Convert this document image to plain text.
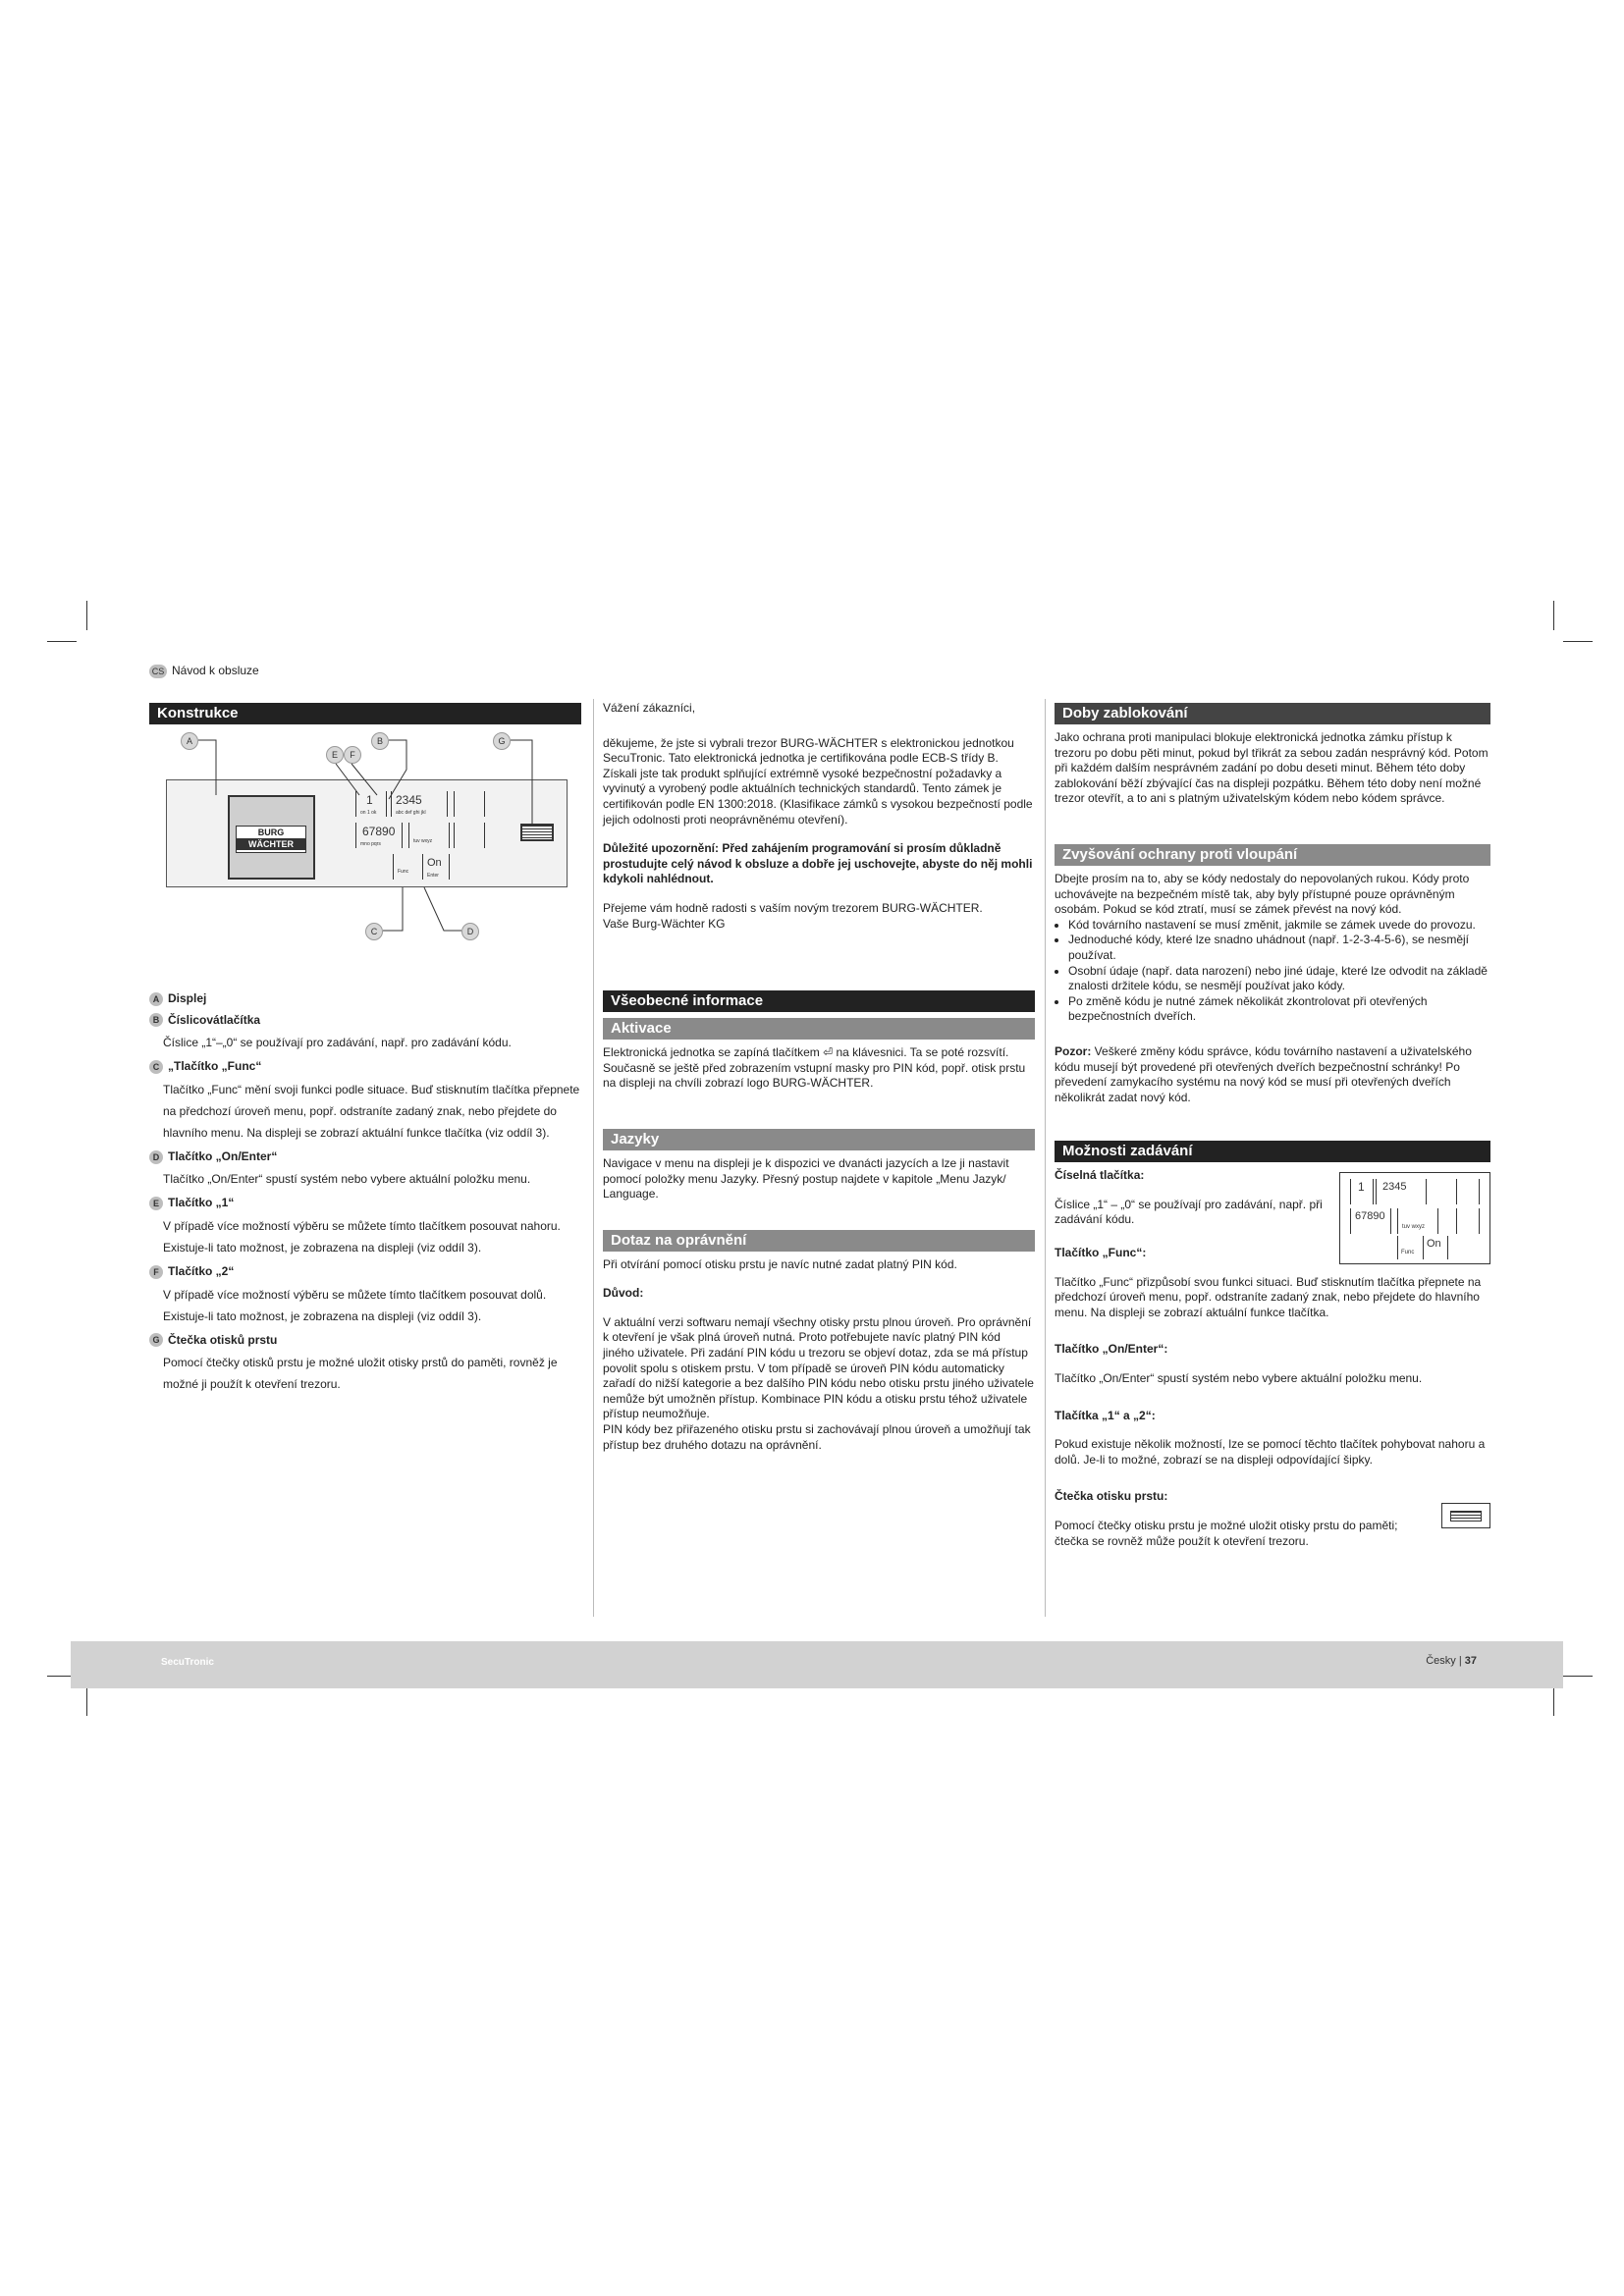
CS Návod k obsluze
Konstrukce
BURG
WÄCHTER
1
on 1 ok
2345
abc def ghi jkl
67890
mno pqrs	tuv wxyz
Func
On
Enter
A	B
E	F
G
C	D
A Displej
B Číslicovátlačítka
Číslice „1“–„0“ se používají pro zadávání, např. pro zadávání kódu.
C „Tlačítko „Func“
Tlačítko „Func“ mění svoji funkci podle situace. Buď stisknutím tlačítka přepnete na předchozí úroveň menu, popř. odstraníte zadaný znak, nebo přejdete do hlavního menu. Na displeji se zobrazí aktuální funkce tlačítka (viz oddíl 3).
D Tlačítko „On/Enter“
Tlačítko „On/Enter“ spustí systém nebo vybere aktuální položku menu.
E Tlačítko „1“
V případě více možností výběru se můžete tímto tlačítkem posouvat nahoru. Existuje-li tato možnost, je zobrazena na displeji (viz oddíl 3).
F Tlačítko „2“
V případě více možností výběru se můžete tímto tlačítkem posouvat dolů. Existuje-li tato možnost, je zobrazena na displeji (viz oddíl 3).
G Čtečka otisků prstu
Pomocí čtečky otisků prstu je možné uložit otisky prstů do paměti, rovněž je možné ji použít k otevření trezoru.

Vážení zákazníci,

děkujeme, že jste si vybrali trezor BURG-WÄCHTER s elektronickou jednotkou SecuTronic. Tato elektronická jednotka je certifikována podle ECB-S třídy B. Získali jste tak produkt splňující extrémně vysoké bezpečnostní požadavky a vyvinutý a vyrobený podle aktuálních technických standardů. Tento zámek je certifikován podle EN 1300:2018. (Klasifikace zámků s vysokou bezpečností podle jejich odolnosti proti neoprávněnému otevření).

Důležité upozornění: Před zahájením programování si prosím důkladně prostudujte celý návod k obsluze a dobře jej uschovejte, abyste do něj mohli kdykoli nahlédnout.

Přejeme vám hodně radosti s vaším novým trezorem BURG-WÄCHTER.

Vaše Burg-Wächter KG

Všeobecné informace
Aktivace

Elektronická jednotka se zapíná tlačítkem ⏎ na klávesnici. Ta se poté rozsvítí. Současně se ještě před zobrazením vstupní masky pro PIN kód, popř. otisk prstu na displeji na chvíli zobrazí logo BURG-WÄCHTER.

Jazyky

Navigace v menu na displeji je k dispozici ve dvanácti jazycích a lze ji nastavit pomocí položky menu Jazyky. Přesný postup najdete v kapitole „Menu Jazyk/ Language.

Dotaz na oprávnění

Při otvírání pomocí otisku prstu je navíc nutné zadat platný PIN kód.

Důvod:

V aktuální verzi softwaru nemají všechny otisky prstu plnou úroveň. Pro oprávnění k otevření je však plná úroveň nutná. Proto potřebujete navíc platný PIN kód jiného uživatele. Při zadání PIN kódu u trezoru se objeví dotaz, zda se má přístup povolit spolu s otiskem prstu. V tom případě se úroveň PIN kódu automaticky zařadí do nižší kategorie a bez dalšího PIN kódu nebo otisku prstu jiného uživatele nemůže být umožněn přístup. Kombinace PIN kódu a otisku prstu téhož uživatele přístup neumožňuje.

PIN kódy bez přiřazeného otisku prstu si zachovávají plnou úroveň a umožňují tak přístup bez druhého dotazu na oprávnění.

Doby zablokování

Jako ochrana proti manipulaci blokuje elektronická jednotka zámku přístup k trezoru po dobu pěti minut, pokud byl třikrát za sebou zadán nesprávný kód. Potom při každém dalším nesprávném zadání po dobu deseti minut. Během této doby zablokování běží zbývající čas na displeji pozpátku. Během této doby není možné trezor otevřít, a to ani s platným uživatelským kódem nebo kódem správce.

Zvyšování ochrany proti vloupání

Dbejte prosím na to, aby se kódy nedostaly do nepovolaných rukou. Kódy proto uchovávejte na bezpečném místě tak, aby byly přístupné pouze oprávněným osobám. Pokud se kód ztratí, musí se zámek převést na nový kód.

• Kód továrního nastavení se musí změnit, jakmile se zámek uvede do provozu.
• Jednoduché kódy, které lze snadno uhádnout (např. 1-2-3-4-5-6), se nesmějí používat.
• Osobní údaje (např. data narození) nebo jiné údaje, které lze odvodit na základě znalosti držitele kódu, se nesmějí používat jako kódy.
• Po změně kódu je nutné zámek několikát zkontrolovat při otevřených bezpečnostních dveřích.

Pozor: Veškeré změny kódu správce, kódu továrního nastavení a uživatelského kódu musejí být provedené při otevřených dveřích bezpečnostní schránky! Po převedení zamykacího systému na nový kód se musí při otevřených dveřích několikrát zadat nový kód.

Možnosti zadávání
1 2345
67890
tuv wxyz
Func
On

Číselná tlačítka:

Číslice „1“ – „0“ se používají pro zadávání, např. při zadávání kódu.

Tlačítko „Func“:

Tlačítko „Func“ přizpůsobí svou funkci situaci. Buď stisknutím tlačítka přepnete na předchozí úroveň menu, popř. odstraníte zadaný znak, nebo přejdete do hlavního menu. Na displeji se zobrazí aktuální funkce tlačítka.

Tlačítko „On/Enter“:

Tlačítko „On/Enter“ spustí systém nebo vybere aktuální položku menu.

Tlačítka „1“ a „2“:

Pokud existuje několik možností, lze se pomocí těchto tlačítek pohybovat nahoru a dolů. Je-li to možné, zobrazí se na displeji odpovídající šipky.

Čtečka otisku prstu:

Pomocí čtečky otisku prstu je možné uložit otisky prstu do paměti; čtečka se rovněž může použít k otevření trezoru.

SecuTronic	Česky | 37
